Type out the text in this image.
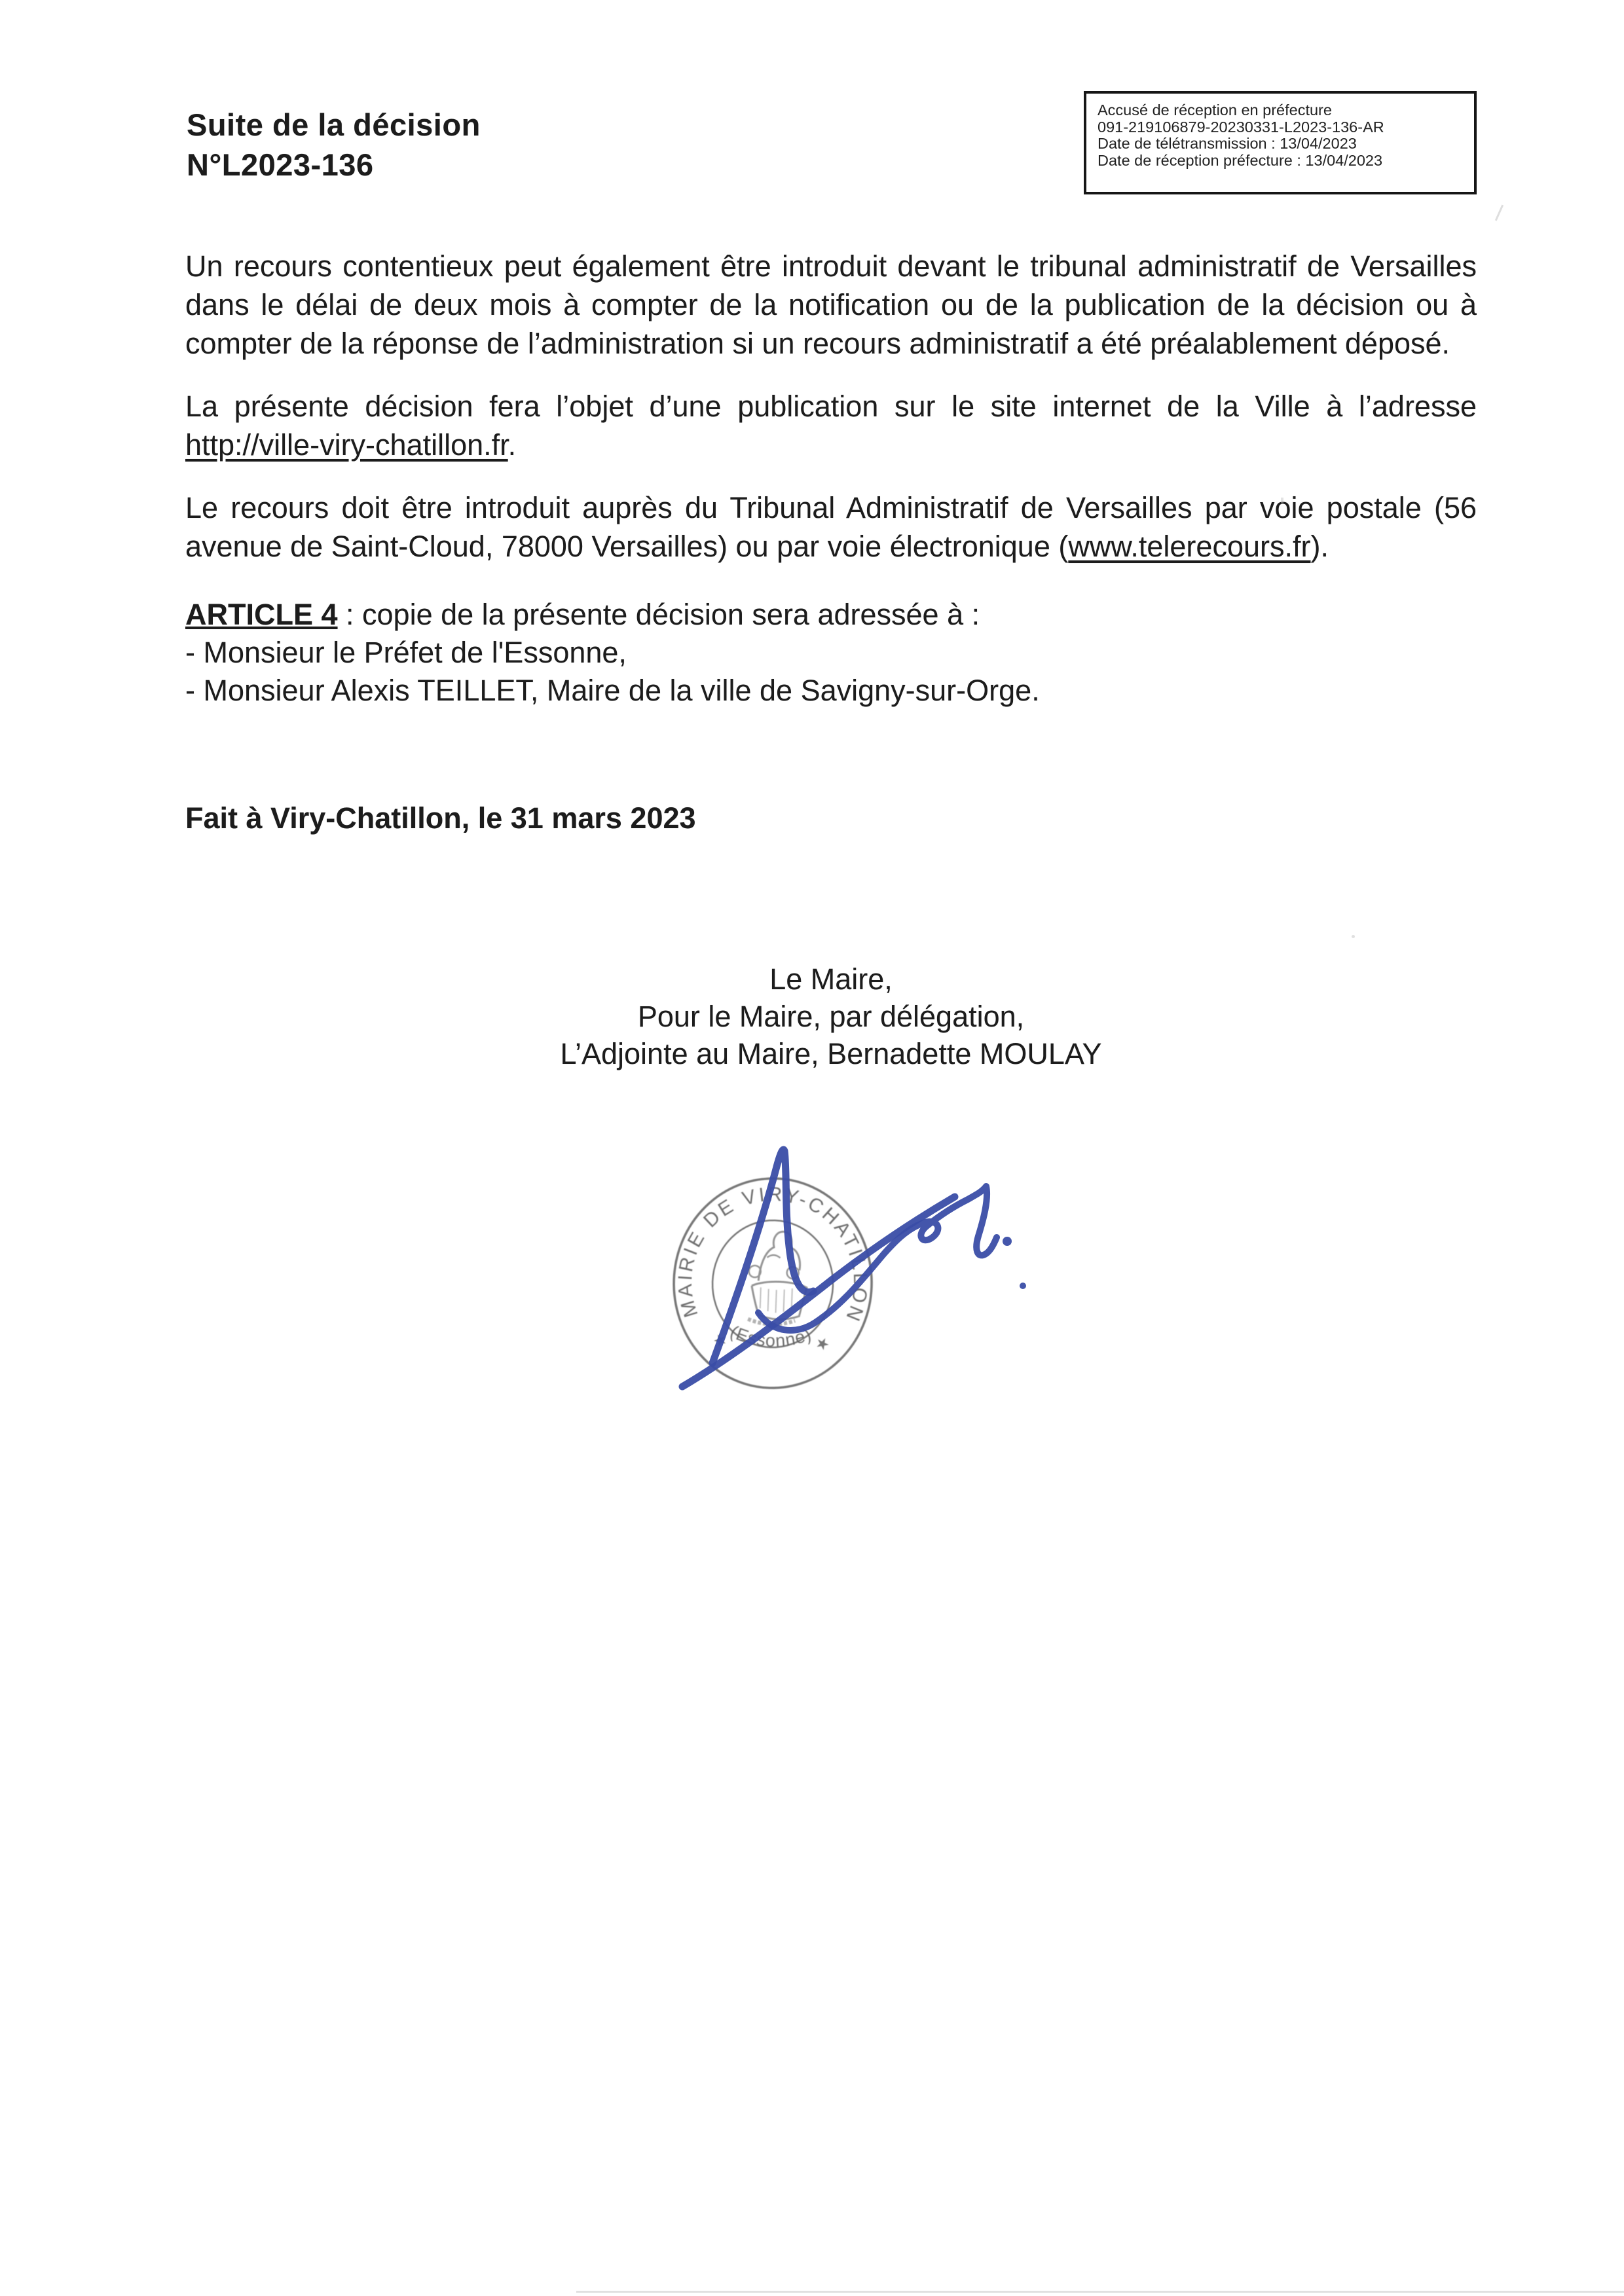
Suite de la décision
N°L2023-136
Accusé de réception en préfecture
091-219106879-20230331-L2023-136-AR
Date de télétransmission : 13/04/2023
Date de réception préfecture : 13/04/2023

Un recours contentieux peut également être introduit devant le tribunal administratif de Versailles dans le délai de deux mois à compter de la notification ou de la publication de la décision ou à compter de la réponse de l’administration si un recours administratif a été préalablement déposé.

La présente décision fera l’objet d’une publication sur le site internet de la Ville à l’adresse http://ville-viry-chatillon.fr.

Le recours doit être introduit auprès du Tribunal Administratif de Versailles par voie postale (56 avenue de Saint-Cloud, 78000 Versailles) ou par voie électronique (www.telerecours.fr).

ARTICLE 4 : copie de la présente décision sera adressée à :
- Monsieur le Préfet de l'Essonne,
- Monsieur Alexis TEILLET, Maire de la ville de Savigny-sur-Orge.

Fait à Viry-Chatillon, le 31 mars 2023

Le Maire,
Pour le Maire, par délégation,
L’Adjointe au Maire, Bernadette MOULAY

MAIRIE DE VIRY-CHATILLON
(Essonne)
★	★
